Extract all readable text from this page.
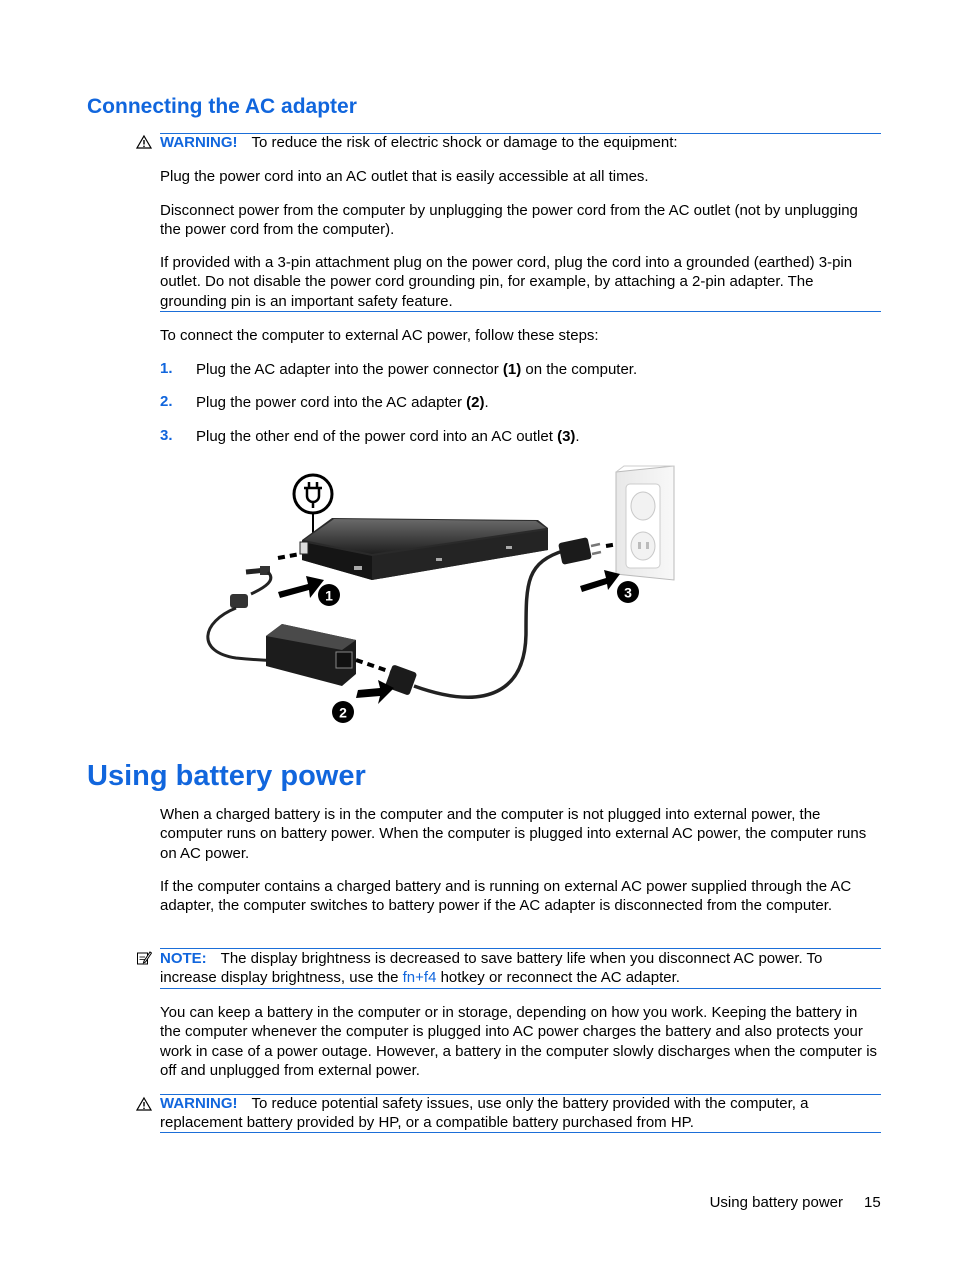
Connecting the AC adapter

WARNING! To reduce the risk of electric shock or damage to the equipment:

Plug the power cord into an AC outlet that is easily accessible at all times.

Disconnect power from the computer by unplugging the power cord from the AC outlet (not by unplugging the power cord from the computer).

If provided with a 3-pin attachment plug on the power cord, plug the cord into a grounded (earthed) 3-pin outlet. Do not disable the power cord grounding pin, for example, by attaching a 2-pin adapter. The grounding pin is an important safety feature.

To connect the computer to external AC power, follow these steps:

1. Plug the AC adapter into the power connector (1) on the computer.
2. Plug the power cord into the AC adapter (2).
3. Plug the other end of the power cord into an AC outlet (3).
1
2
3
Using battery power

When a charged battery is in the computer and the computer is not plugged into external power, the computer runs on battery power. When the computer is plugged into external AC power, the computer runs on AC power.

If the computer contains a charged battery and is running on external AC power supplied through the AC adapter, the computer switches to battery power if the AC adapter is disconnected from the computer.

NOTE: The display brightness is decreased to save battery life when you disconnect AC power. To increase display brightness, use the fn+f4 hotkey or reconnect the AC adapter.

You can keep a battery in the computer or in storage, depending on how you work. Keeping the battery in the computer whenever the computer is plugged into AC power charges the battery and also protects your work in case of a power outage. However, a battery in the computer slowly discharges when the computer is off and unplugged from external power.

WARNING! To reduce potential safety issues, use only the battery provided with the computer, a replacement battery provided by HP, or a compatible battery purchased from HP.

Using battery power 15
